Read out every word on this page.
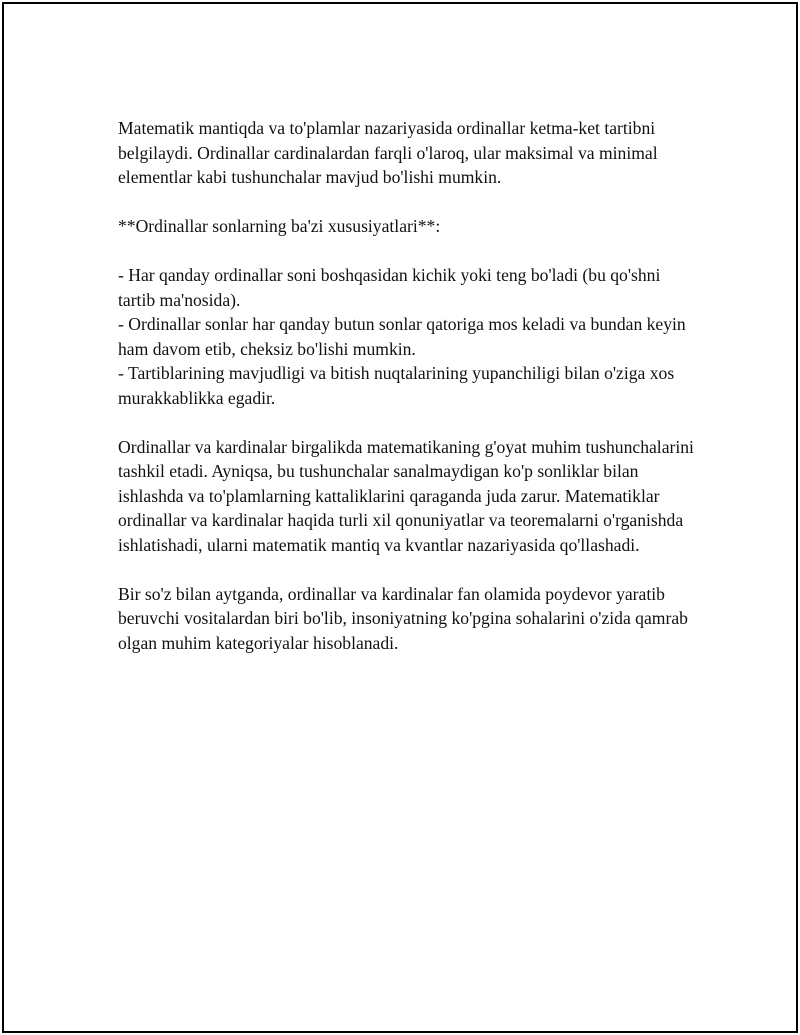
Matematik mantiqda va to'plamlar nazariyasida ordinallar ketma-ket tartibni belgilaydi. Ordinallar cardinalardan farqli o'laroq, ular maksimal va minimal elementlar kabi tushunchalar mavjud bo'lishi mumkin.

**Ordinallar sonlarning ba'zi xususiyatlari**:

- Har qanday ordinallar soni boshqasidan kichik yoki teng bo'ladi (bu qo'shni tartib ma'nosida).

- Ordinallar sonlar har qanday butun sonlar qatoriga mos keladi va bundan keyin ham davom etib, cheksiz bo'lishi mumkin.

- Tartiblarining mavjudligi va bitish nuqtalarining yupanchiligi bilan o'ziga xos murakkablikka egadir.

Ordinallar va kardinalar birgalikda matematikaning g'oyat muhim tushunchalarini tashkil etadi. Ayniqsa, bu tushunchalar sanalmaydigan ko'p sonliklar bilan ishlashda va to'plamlarning kattaliklarini qaraganda juda zarur. Matematiklar ordinallar va kardinalar haqida turli xil qonuniyatlar va teoremalarni o'rganishda ishlatishadi, ularni matematik mantiq va kvantlar nazariyasida qo'llashadi.

Bir so'z bilan aytganda, ordinallar va kardinalar fan olamida poydevor yaratib beruvchi vositalardan biri bo'lib, insoniyatning ko'pgina sohalarini o'zida qamrab olgan muhim kategoriyalar hisoblanadi.
